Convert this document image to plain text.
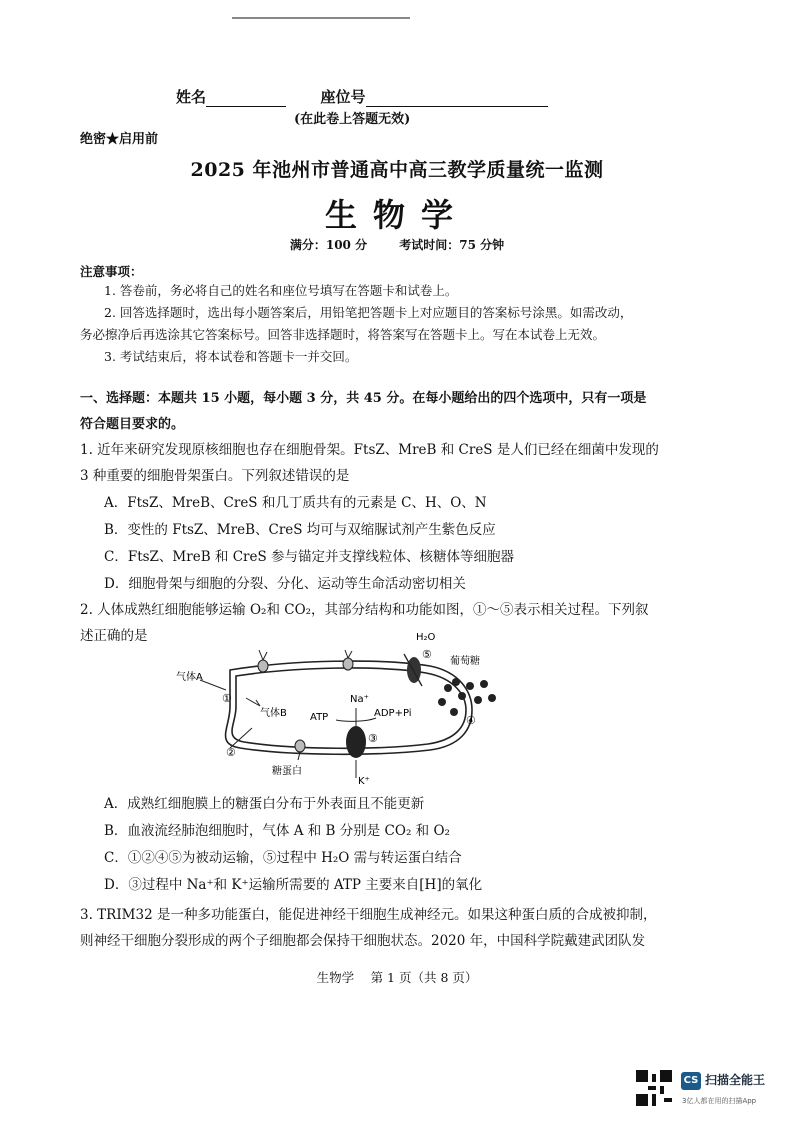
姓名	座位号
(在此卷上答题无效)
绝密★启用前
2025 年池州市普通高中高三教学质量统一监测
生物学
满分：100 分	考试时间：75 分钟
注意事项：
1. 答卷前，务必将自己的姓名和座位号填写在答题卡和试卷上。
2. 回答选择题时，选出每小题答案后，用铅笔把答题卡上对应题目的答案标号涂黑。如需改动，
务必擦净后再选涂其它答案标号。回答非选择题时，将答案写在答题卡上。写在本试卷上无效。
3. 考试结束后，将本试卷和答题卡一并交回。
一、选择题：本题共 15 小题，每小题 3 分，共 45 分。在每小题给出的四个选项中，只有一项是
符合题目要求的。
1. 近年来研究发现原核细胞也存在细胞骨架。FtsZ、MreB 和 CreS 是人们已经在细菌中发现的
3 种重要的细胞骨架蛋白。下列叙述错误的是
A．FtsZ、MreB、CreS 和几丁质共有的元素是 C、H、O、N
B．变性的 FtsZ、MreB、CreS 均可与双缩脲试剂产生紫色反应
C．FtsZ、MreB 和 CreS 参与锚定并支撑线粒体、核糖体等细胞器
D．细胞骨架与细胞的分裂、分化、运动等生命活动密切相关
2. 人体成熟红细胞能够运输 O₂和 CO₂，其部分结构和功能如图，①～⑤表示相关过程。下列叙
述正确的是	H₂O
⑤
葡萄糖
④
气体A
①
气体B
②
糖蛋白
Na⁺
K⁺
ATP	ADP+Pi
③
A．成熟红细胞膜上的糖蛋白分布于外表面且不能更新
B．血液流经肺泡细胞时，气体 A 和 B 分别是 CO₂ 和 O₂
C．①②④⑤为被动运输，⑤过程中 H₂O 需与转运蛋白结合
D．③过程中 Na⁺和 K⁺运输所需要的 ATP 主要来自[H]的氧化
3. TRIM32 是一种多功能蛋白，能促进神经干细胞生成神经元。如果这种蛋白质的合成被抑制，
则神经干细胞分裂形成的两个子细胞都会保持干细胞状态。2020 年，中国科学院戴建武团队发
生物学　 第 1 页（共 8 页）
CS 扫描全能王
3亿人都在用的扫描App
